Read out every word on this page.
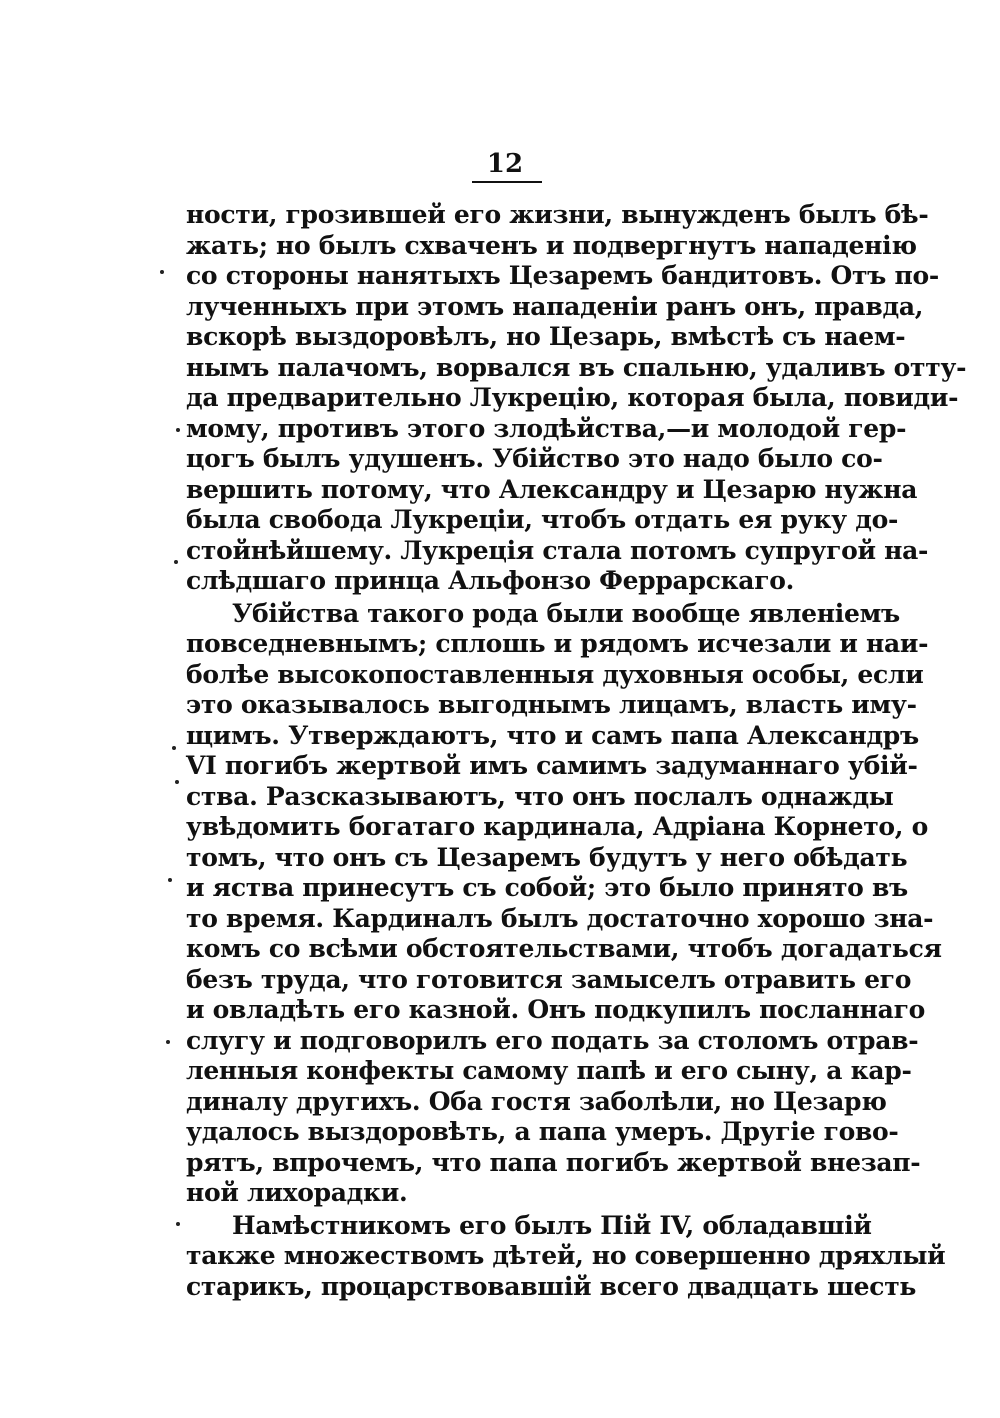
12
ности, грозившей его жизни, вынужденъ былъ бѣ-
жать; но былъ схваченъ и подвергнутъ нападенію
со стороны нанятыхъ Цезаремъ бандитовъ. Отъ по-
лученныхъ при этомъ нападеніи ранъ онъ, правда,
вскорѣ выздоровѣлъ, но Цезарь, вмѣстѣ съ наем-
нымъ палачомъ, ворвался въ спальню, удаливъ отту-
да предварительно Лукрецію, которая была, повиди-
мому, противъ этого злодѣйства,—и молодой гер-
цогъ былъ удушенъ. Убійство это надо было со-
вершить потому, что Александру и Цезарю нужна
была свобода Лукреціи, чтобъ отдать ея руку до-
стойнѣйшему. Лукреція стала потомъ супругой на-
слѣдшаго принца Альфонзо Феррарскаго.
Убійства такого рода были вообще явленіемъ
повседневнымъ; сплошь и рядомъ исчезали и наи-
болѣе высокопоставленныя духовныя особы, если
это оказывалось выгоднымъ лицамъ, власть иму-
щимъ. Утверждаютъ, что и самъ папа Александръ
VI погибъ жертвой имъ самимъ задуманнаго убій-
ства. Разсказываютъ, что онъ послалъ однажды
увѣдомить богатаго кардинала, Адріана Корнето, о
томъ, что онъ съ Цезаремъ будутъ у него обѣдать
и яства принесутъ съ собой; это было принято въ
то время. Кардиналъ былъ достаточно хорошо зна-
комъ со всѣми обстоятельствами, чтобъ догадаться
безъ труда, что готовится замыселъ отравить его
и овладѣть его казной. Онъ подкупилъ посланнаго
слугу и подговорилъ его подать за столомъ отрав-
ленныя конфекты самому папѣ и его сыну, а кар-
диналу другихъ. Оба гостя заболѣли, но Цезарю
удалось выздоровѣть, а папа умеръ. Другіе гово-
рятъ, впрочемъ, что папа погибъ жертвой внезап-
ной лихорадки.
Намѣстникомъ его былъ Пій IV, обладавшій
также множествомъ дѣтей, но совершенно дряхлый
старикъ, процарствовавшій всего двадцать шесть
